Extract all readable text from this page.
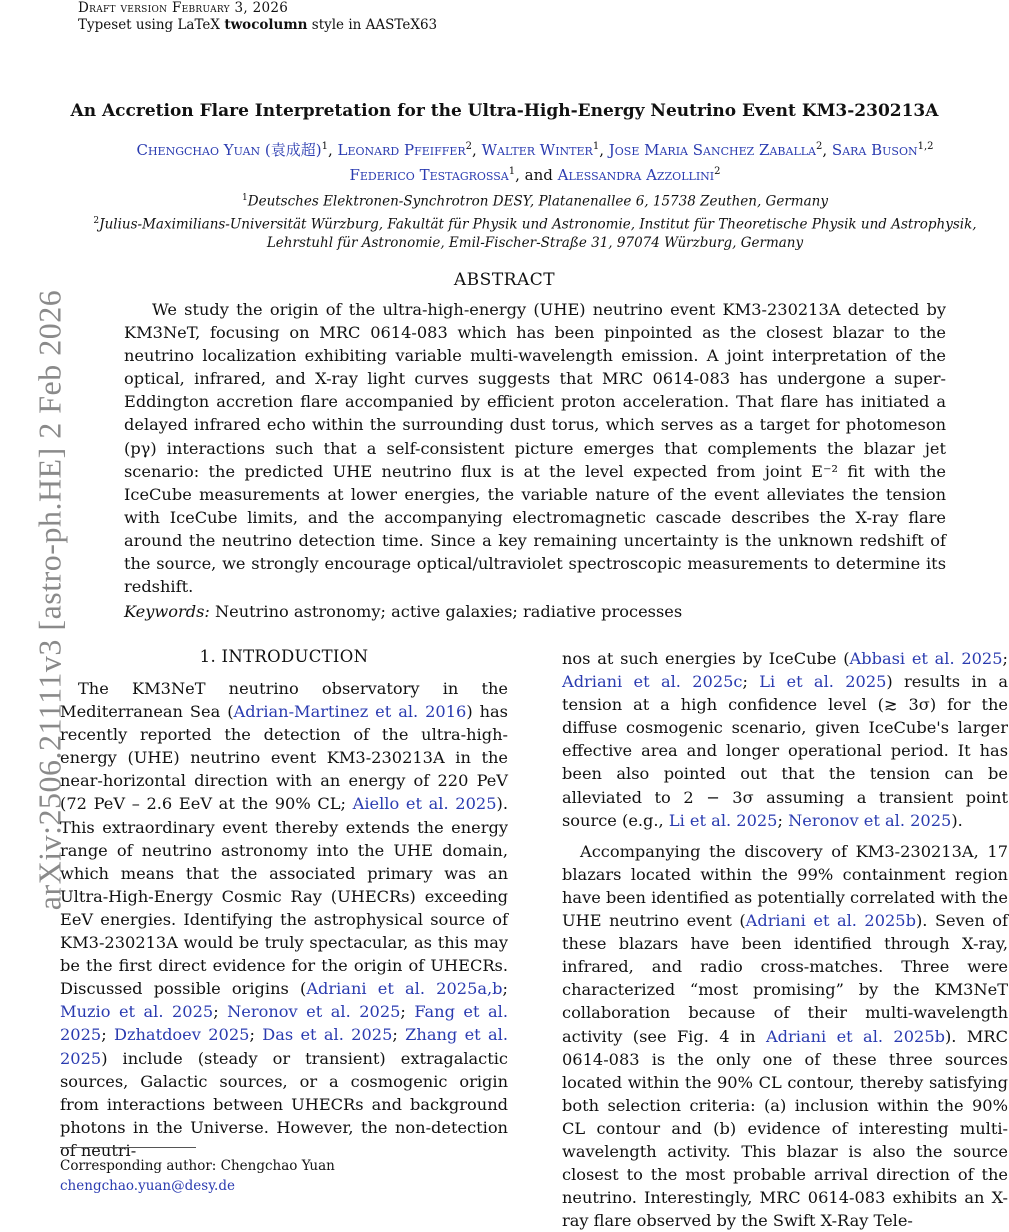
Draft version February 3, 2026
Typeset using LaTeX twocolumn style in AASTeX63
arXiv:2506.21111v3 [astro-ph.HE] 2 Feb 2026
An Accretion Flare Interpretation for the Ultra-High-Energy Neutrino Event KM3-230213A
Chengchao Yuan (袁成超)$^1$, Leonard Pfeiffer$^2$, Walter Winter$^1$, Jose Maria Sanchez Zaballa$^2$, Sara Buson$^{1,2}$
Federico Testagrossa$^1$, and Alessandra Azzollini$^2$
$^1$Deutsches Elektronen-Synchrotron DESY, Platanenallee 6, 15738 Zeuthen, Germany
$^2$Julius-Maximilians-Universität Würzburg, Fakultät für Physik und Astronomie, Institut für Theoretische Physik und Astrophysik,
Lehrstuhl für Astronomie, Emil-Fischer-Straße 31, 97074 Würzburg, Germany
ABSTRACT
We study the origin of the ultra-high-energy (UHE) neutrino event KM3-230213A detected by KM3NeT, focusing on MRC 0614-083 which has been pinpointed as the closest blazar to the neutrino localization exhibiting variable multi-wavelength emission. A joint interpretation of the optical, infrared, and X-ray light curves suggests that MRC 0614-083 has undergone a super-Eddington accretion flare accompanied by efficient proton acceleration. That flare has initiated a delayed infrared echo within the surrounding dust torus, which serves as a target for photomeson (pγ) interactions such that a self-consistent picture emerges that complements the blazar jet scenario: the predicted UHE neutrino flux is at the level expected from joint E⁻² fit with the IceCube measurements at lower energies, the variable nature of the event alleviates the tension with IceCube limits, and the accompanying electromagnetic cascade describes the X-ray flare around the neutrino detection time. Since a key remaining uncertainty is the unknown redshift of the source, we strongly encourage optical/ultraviolet spectroscopic measurements to determine its redshift.
Keywords: Neutrino astronomy; active galaxies; radiative processes
1. INTRODUCTION
The KM3NeT neutrino observatory in the Mediterranean Sea (Adrian-Martinez et al. 2016) has recently reported the detection of the ultra-high-energy (UHE) neutrino event KM3-230213A in the near-horizontal direction with an energy of 220 PeV (72 PeV – 2.6 EeV at the 90% CL; Aiello et al. 2025). This extraordinary event thereby extends the energy range of neutrino astronomy into the UHE domain, which means that the associated primary was an Ultra-High-Energy Cosmic Ray (UHECRs) exceeding EeV energies. Identifying the astrophysical source of KM3-230213A would be truly spectacular, as this may be the first direct evidence for the origin of UHECRs. Discussed possible origins (Adriani et al. 2025a,b; Muzio et al. 2025; Neronov et al. 2025; Fang et al. 2025; Dzhatdoev 2025; Das et al. 2025; Zhang et al. 2025) include (steady or transient) extragalactic sources, Galactic sources, or a cosmogenic origin from interactions between UHECRs and background photons in the Universe. However, the non-detection of neutri-

nos at such energies by IceCube (Abbasi et al. 2025; Adriani et al. 2025c; Li et al. 2025) results in a tension at a high confidence level (≳ 3σ) for the diffuse cosmogenic scenario, given IceCube's larger effective area and longer operational period. It has been also pointed out that the tension can be alleviated to 2 − 3σ assuming a transient point source (e.g., Li et al. 2025; Neronov et al. 2025).

Accompanying the discovery of KM3-230213A, 17 blazars located within the 99% containment region have been identified as potentially correlated with the UHE neutrino event (Adriani et al. 2025b). Seven of these blazars have been identified through X-ray, infrared, and radio cross-matches. Three were characterized “most promising” by the KM3NeT collaboration because of their multi-wavelength activity (see Fig. 4 in Adriani et al. 2025b). MRC 0614-083 is the only one of these three sources located within the 90% CL contour, thereby satisfying both selection criteria: (a) inclusion within the 90% CL contour and (b) evidence of interesting multi-wavelength activity. This blazar is also the source closest to the most probable arrival direction of the neutrino. Interestingly, MRC 0614-083 exhibits an X-ray flare observed by the Swift X-Ray Tele-

Corresponding author: Chengchao Yuan
chengchao.yuan@desy.de
